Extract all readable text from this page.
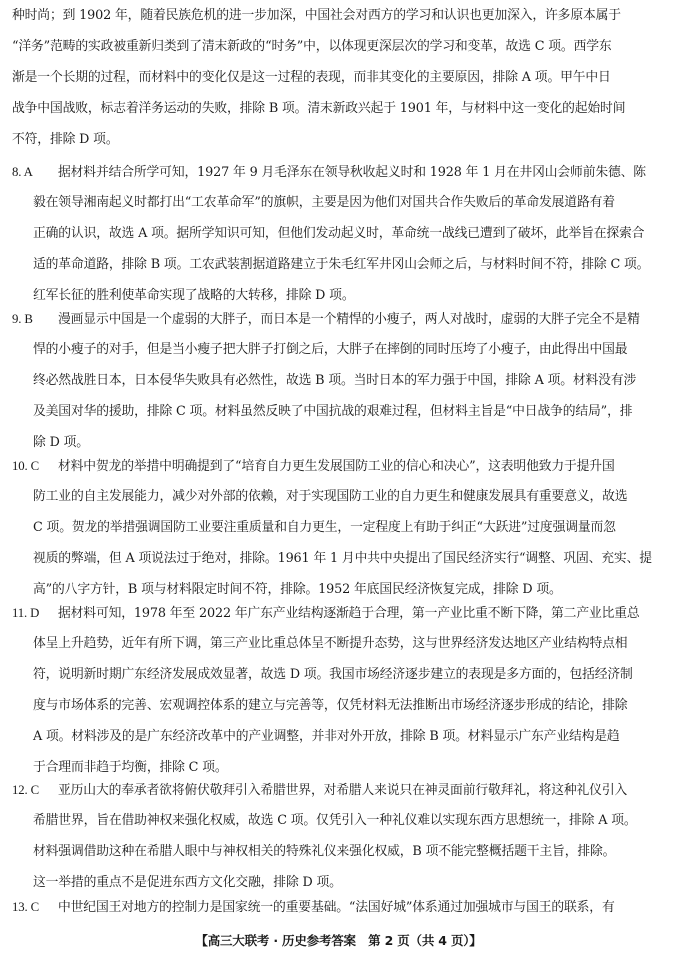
种时尚；到 1902 年，随着民族危机的进一步加深，中国社会对西方的学习和认识也更加深入，许多原本属于
“洋务”范畴的实政被重新归类到了清末新政的“时务”中，以体现更深层次的学习和变革，故选 C 项。西学东
渐是一个长期的过程，而材料中的变化仅是这一过程的表现，而非其变化的主要原因，排除 A 项。甲午中日
战争中国战败，标志着洋务运动的失败，排除 B 项。清末新政兴起于 1901 年，与材料中这一变化的起始时间
不符，排除 D 项。
8. A 据材料并结合所学可知，1927 年 9 月毛泽东在领导秋收起义时和 1928 年 1 月在井冈山会师前朱德、陈
毅在领导湘南起义时都打出“工农革命军”的旗帜，主要是因为他们对国共合作失败后的革命发展道路有着
正确的认识，故选 A 项。据所学知识可知，但他们发动起义时，革命统一战线已遭到了破坏，此举旨在探索合
适的革命道路，排除 B 项。工农武装割据道路建立于朱毛红军井冈山会师之后，与材料时间不符，排除 C 项。
红军长征的胜利使革命实现了战略的大转移，排除 D 项。
9. B 漫画显示中国是一个虚弱的大胖子，而日本是一个精悍的小瘦子，两人对战时，虚弱的大胖子完全不是精
悍的小瘦子的对手，但是当小瘦子把大胖子打倒之后，大胖子在摔倒的同时压垮了小瘦子，由此得出中国最
终必然战胜日本，日本侵华失败具有必然性，故选 B 项。当时日本的军力强于中国，排除 A 项。材料没有涉
及美国对华的援助，排除 C 项。材料虽然反映了中国抗战的艰难过程，但材料主旨是“中日战争的结局”，排
除 D 项。
10. C 材料中贺龙的举措中明确提到了“培育自力更生发展国防工业的信心和决心”，这表明他致力于提升国
防工业的自主发展能力，减少对外部的依赖，对于实现国防工业的自力更生和健康发展具有重要意义，故选
C 项。贺龙的举措强调国防工业要注重质量和自力更生，一定程度上有助于纠正“大跃进”过度强调量而忽
视质的弊端，但 A 项说法过于绝对，排除。1961 年 1 月中共中央提出了国民经济实行“调整、巩固、充实、提
高”的八字方针，B 项与材料限定时间不符，排除。1952 年底国民经济恢复完成，排除 D 项。
11. D 据材料可知，1978 年至 2022 年广东产业结构逐渐趋于合理，第一产业比重不断下降，第二产业比重总
体呈上升趋势，近年有所下调，第三产业比重总体呈不断提升态势，这与世界经济发达地区产业结构特点相
符，说明新时期广东经济发展成效显著，故选 D 项。我国市场经济逐步建立的表现是多方面的，包括经济制
度与市场体系的完善、宏观调控体系的建立与完善等，仅凭材料无法推断出市场经济逐步形成的结论，排除
A 项。材料涉及的是广东经济改革中的产业调整，并非对外开放，排除 B 项。材料显示广东产业结构是趋
于合理而非趋于均衡，排除 C 项。
12. C 亚历山大的奉承者欲将俯伏敬拜引入希腊世界，对希腊人来说只在神灵面前行敬拜礼，将这种礼仪引入
希腊世界，旨在借助神权来强化权威，故选 C 项。仅凭引入一种礼仪难以实现东西方思想统一，排除 A 项。
材料强调借助这种在希腊人眼中与神权相关的特殊礼仪来强化权威，B 项不能完整概括题干主旨，排除。
这一举措的重点不是促进东西方文化交融，排除 D 项。
13. C 中世纪国王对地方的控制力是国家统一的重要基础。“法国好城”体系通过加强城市与国王的联系，有
【高三大联考 · 历史参考答案　第 2 页（共 4 页）】
